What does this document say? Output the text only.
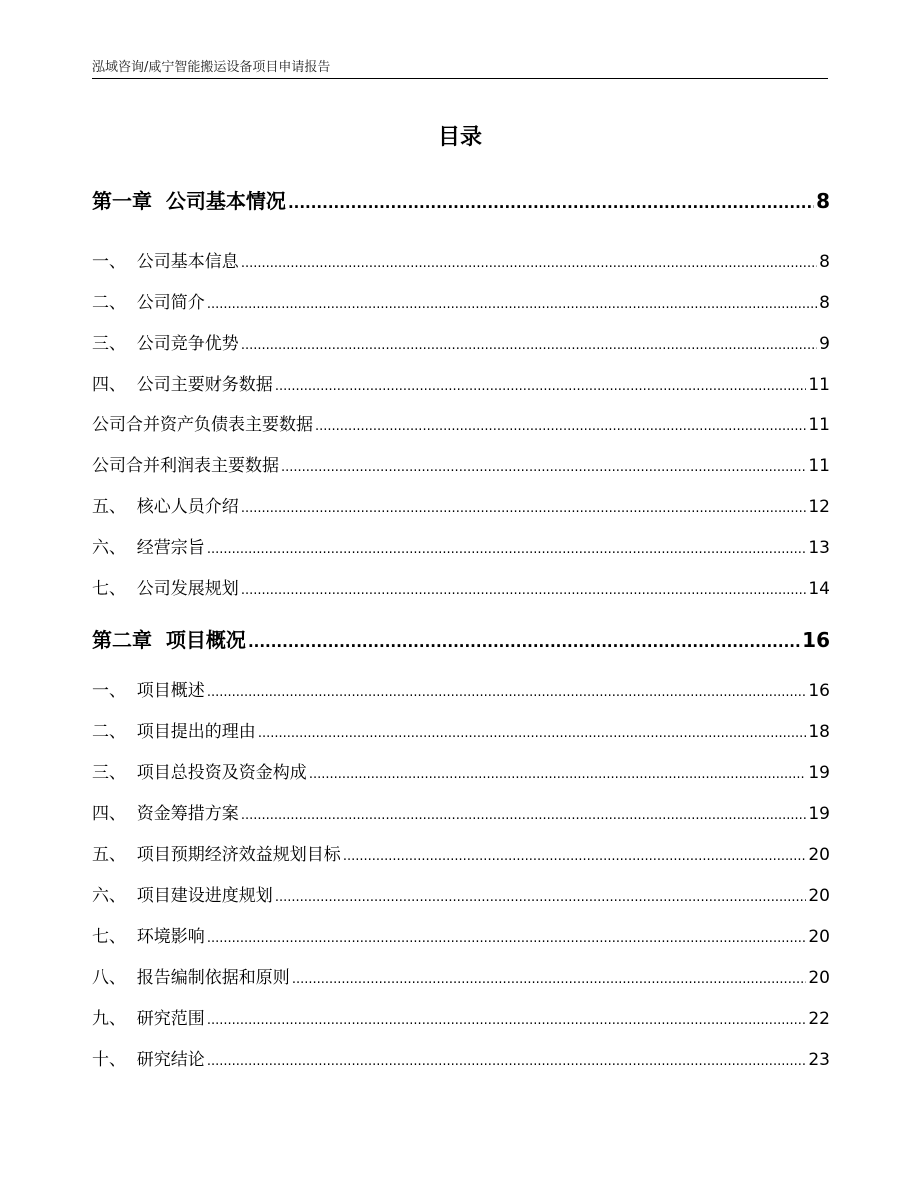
泓域咨询/咸宁智能搬运设备项目申请报告
目录
第一章  公司基本情况 .....	8
一、  公司基本信息 .....	8
二、  公司简介 .....	8
三、  公司竞争优势 .....	9
四、  公司主要财务数据 .....	11
公司合并资产负债表主要数据 .....	11
公司合并利润表主要数据 .....	11
五、  核心人员介绍 .....	12
六、  经营宗旨 .....	13
七、  公司发展规划 .....	14
第二章  项目概况 .....	16
一、  项目概述 .....	16
二、  项目提出的理由 .....	18
三、  项目总投资及资金构成 .....	19
四、  资金筹措方案 .....	19
五、  项目预期经济效益规划目标 .....	20
六、  项目建设进度规划 .....	20
七、  环境影响 .....	20
八、  报告编制依据和原则 .....	20
九、  研究范围 .....	22
十、  研究结论 .....	23
